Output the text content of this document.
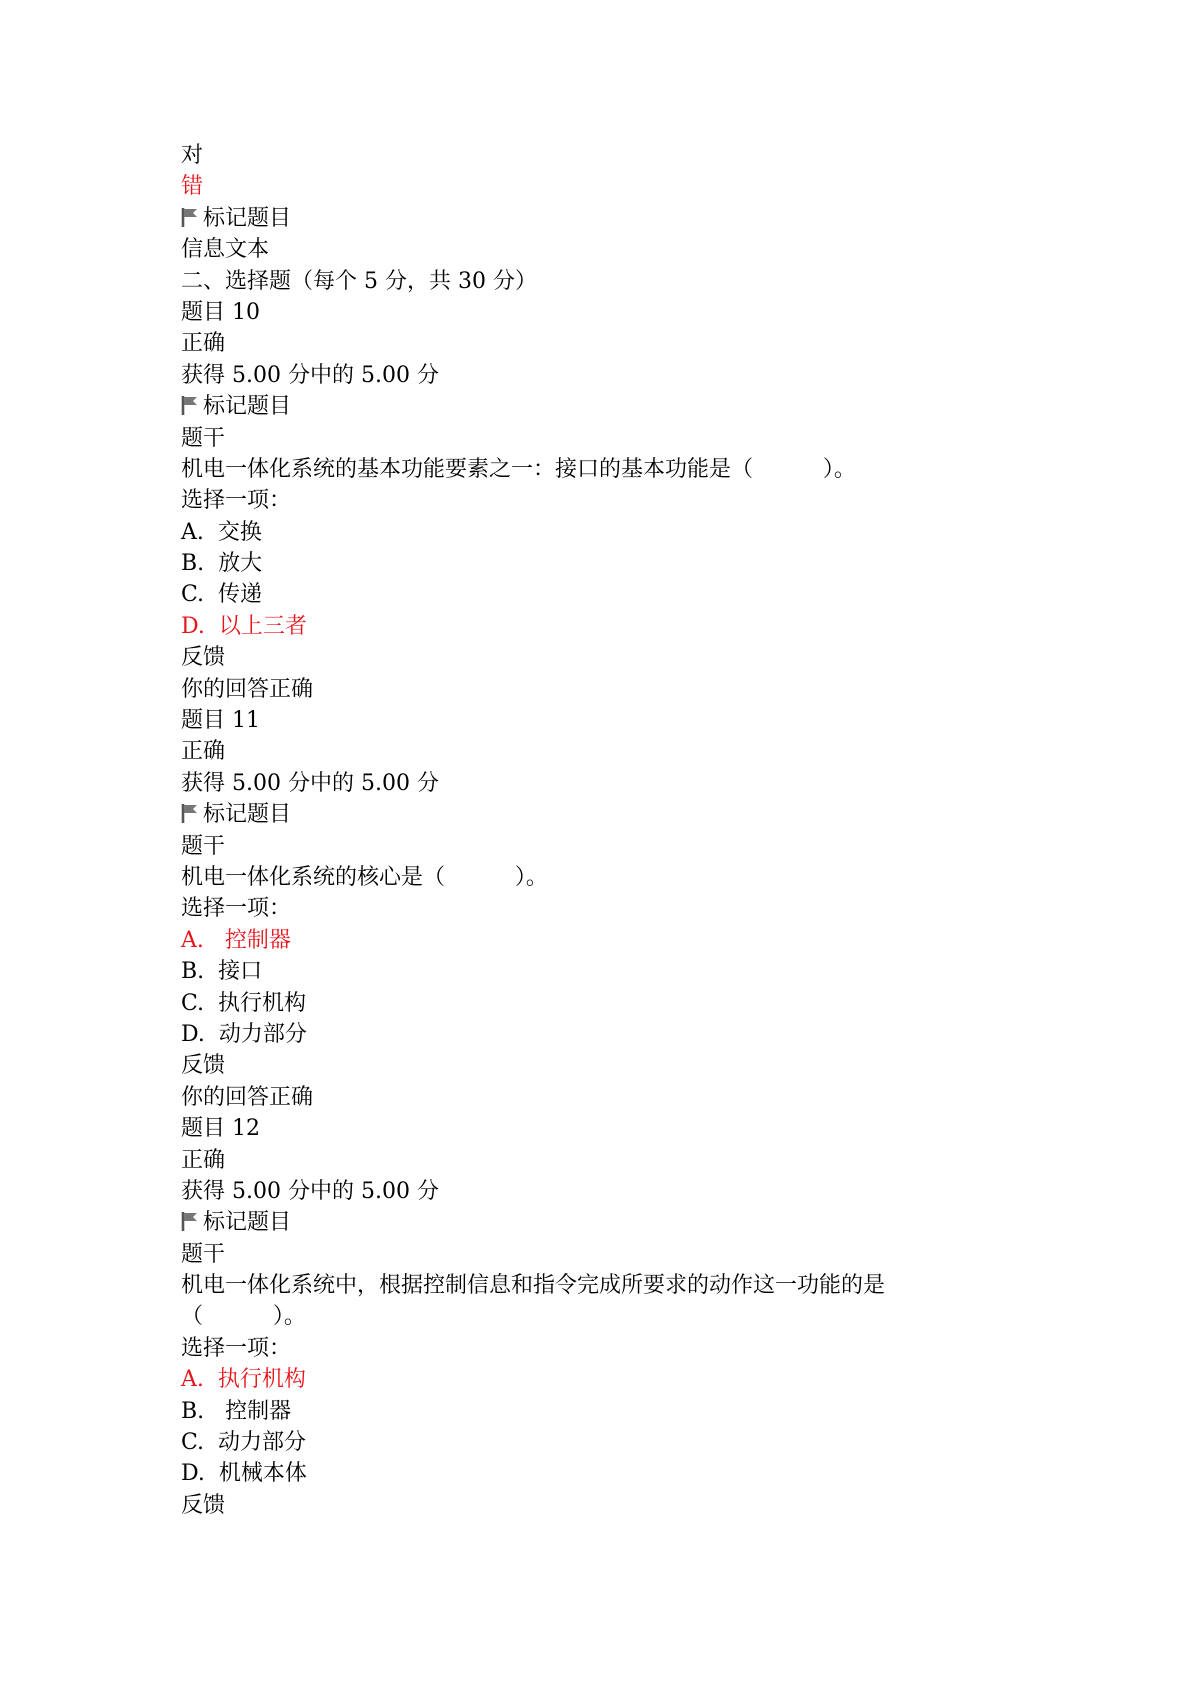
对
错
标记题目
信息文本
二、选择题（每个 5 分，共 30 分）
题目 10
正确
获得 5.00 分中的 5.00 分
标记题目
题干
机电一体化系统的基本功能要素之一：接口的基本功能是（          ）。
选择一项：
A. 交换
B. 放大
C. 传递
D. 以上三者
反馈
你的回答正确
题目 11
正确
获得 5.00 分中的 5.00 分
标记题目
题干
机电一体化系统的核心是（          ）。
选择一项：
A.   控制器
B. 接口
C. 执行机构
D. 动力部分
反馈
你的回答正确
题目 12
正确
获得 5.00 分中的 5.00 分
标记题目
题干
机电一体化系统中，根据控制信息和指令完成所要求的动作这一功能的是
（          ）。
选择一项：
A. 执行机构
B.   控制器
C. 动力部分
D. 机械本体
反馈
